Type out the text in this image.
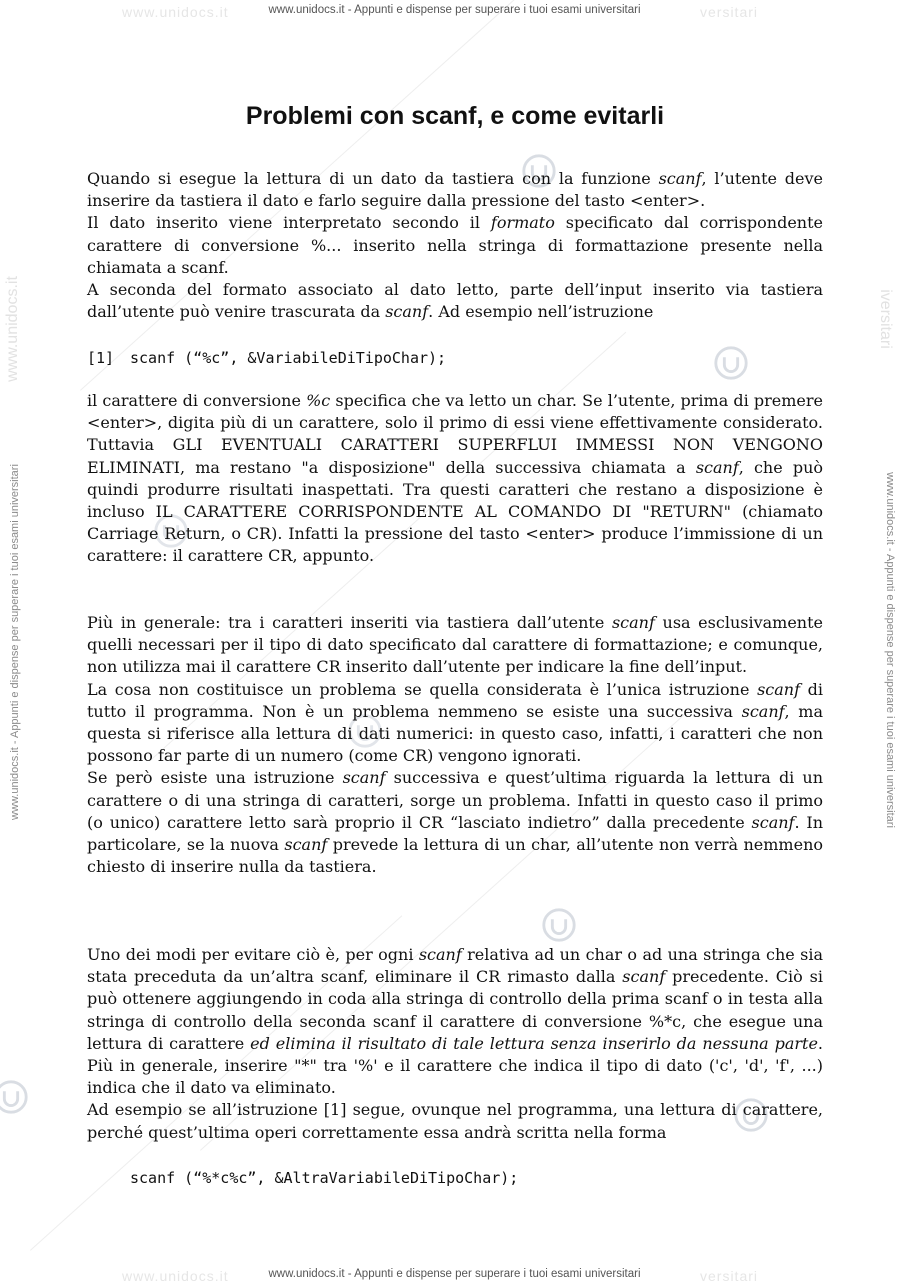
www.unidocs.it	versitari
www.unidocs.it	versitari
www.unidocs.it	iversitari
www.unidocs.it - Appunti e dispense per superare i tuoi esami universitari
www.unidocs.it - Appunti e dispense per superare i tuoi esami universitari
www.unidocs.it - Appunti e dispense per superare i tuoi esami universitari	www.unidocs.it - Appunti e dispense per superare i tuoi esami universitari
Problemi con scanf, e come evitarli

Quando si esegue la lettura di un dato da tastiera con la funzione scanf, l’utente deve inserire da tastiera il dato e farlo seguire dalla pressione del tasto <enter>.

Il dato inserito viene interpretato secondo il formato specificato dal corrispondente carattere di conversione %... inserito nella stringa di formattazione presente nella chiamata a scanf.

A seconda del formato associato al dato letto, parte dell’input inserito via tastiera dall’utente può venire trascurata da scanf. Ad esempio nell’istruzione

[1] scanf (“%c”, &VariabileDiTipoChar);

il carattere di conversione %c specifica che va letto un char. Se l’utente, prima di premere <enter>, digita più di un carattere, solo il primo di essi viene effettivamente considerato. Tuttavia GLI EVENTUALI CARATTERI SUPERFLUI IMMESSI NON VENGONO ELIMINATI, ma restano "a disposizione" della successiva chiamata a scanf, che può quindi produrre risultati inaspettati. Tra questi caratteri che restano a disposizione è incluso IL CARATTERE CORRISPONDENTE AL COMANDO DI "RETURN" (chiamato Carriage Return, o CR). Infatti la pressione del tasto <enter> produce l’immissione di un carattere: il carattere CR, appunto.

Più in generale: tra i caratteri inseriti via tastiera dall’utente scanf usa esclusivamente quelli necessari per il tipo di dato specificato dal carattere di formattazione; e comunque, non utilizza mai il carattere CR inserito dall’utente per indicare la fine dell’input.

La cosa non costituisce un problema se quella considerata è l’unica istruzione scanf di tutto il programma. Non è un problema nemmeno se esiste una successiva scanf, ma questa si riferisce alla lettura di dati numerici: in questo caso, infatti, i caratteri che non possono far parte di un numero (come CR) vengono ignorati.

Se però esiste una istruzione scanf successiva e quest’ultima riguarda la lettura di un carattere o di una stringa di caratteri, sorge un problema. Infatti in questo caso il primo (o unico) carattere letto sarà proprio il CR “lasciato indietro” dalla precedente scanf. In particolare, se la nuova scanf prevede la lettura di un char, all’utente non verrà nemmeno chiesto di inserire nulla da tastiera.

Uno dei modi per evitare ciò è, per ogni scanf relativa ad un char o ad una stringa che sia stata preceduta da un’altra scanf, eliminare il CR rimasto dalla scanf precedente. Ciò si può ottenere aggiungendo in coda alla stringa di controllo della prima scanf o in testa alla stringa di controllo della seconda scanf il carattere di conversione %*c, che esegue una lettura di carattere ed elimina il risultato di tale lettura senza inserirlo da nessuna parte. Più in generale, inserire "*" tra '%' e il carattere che indica il tipo di dato ('c', 'd', 'f', ...) indica che il dato va eliminato.

Ad esempio se all’istruzione [1] segue, ovunque nel programma, una lettura di carattere, perché quest’ultima operi correttamente essa andrà scritta nella forma

scanf (“%*c%c”, &AltraVariabileDiTipoChar);
